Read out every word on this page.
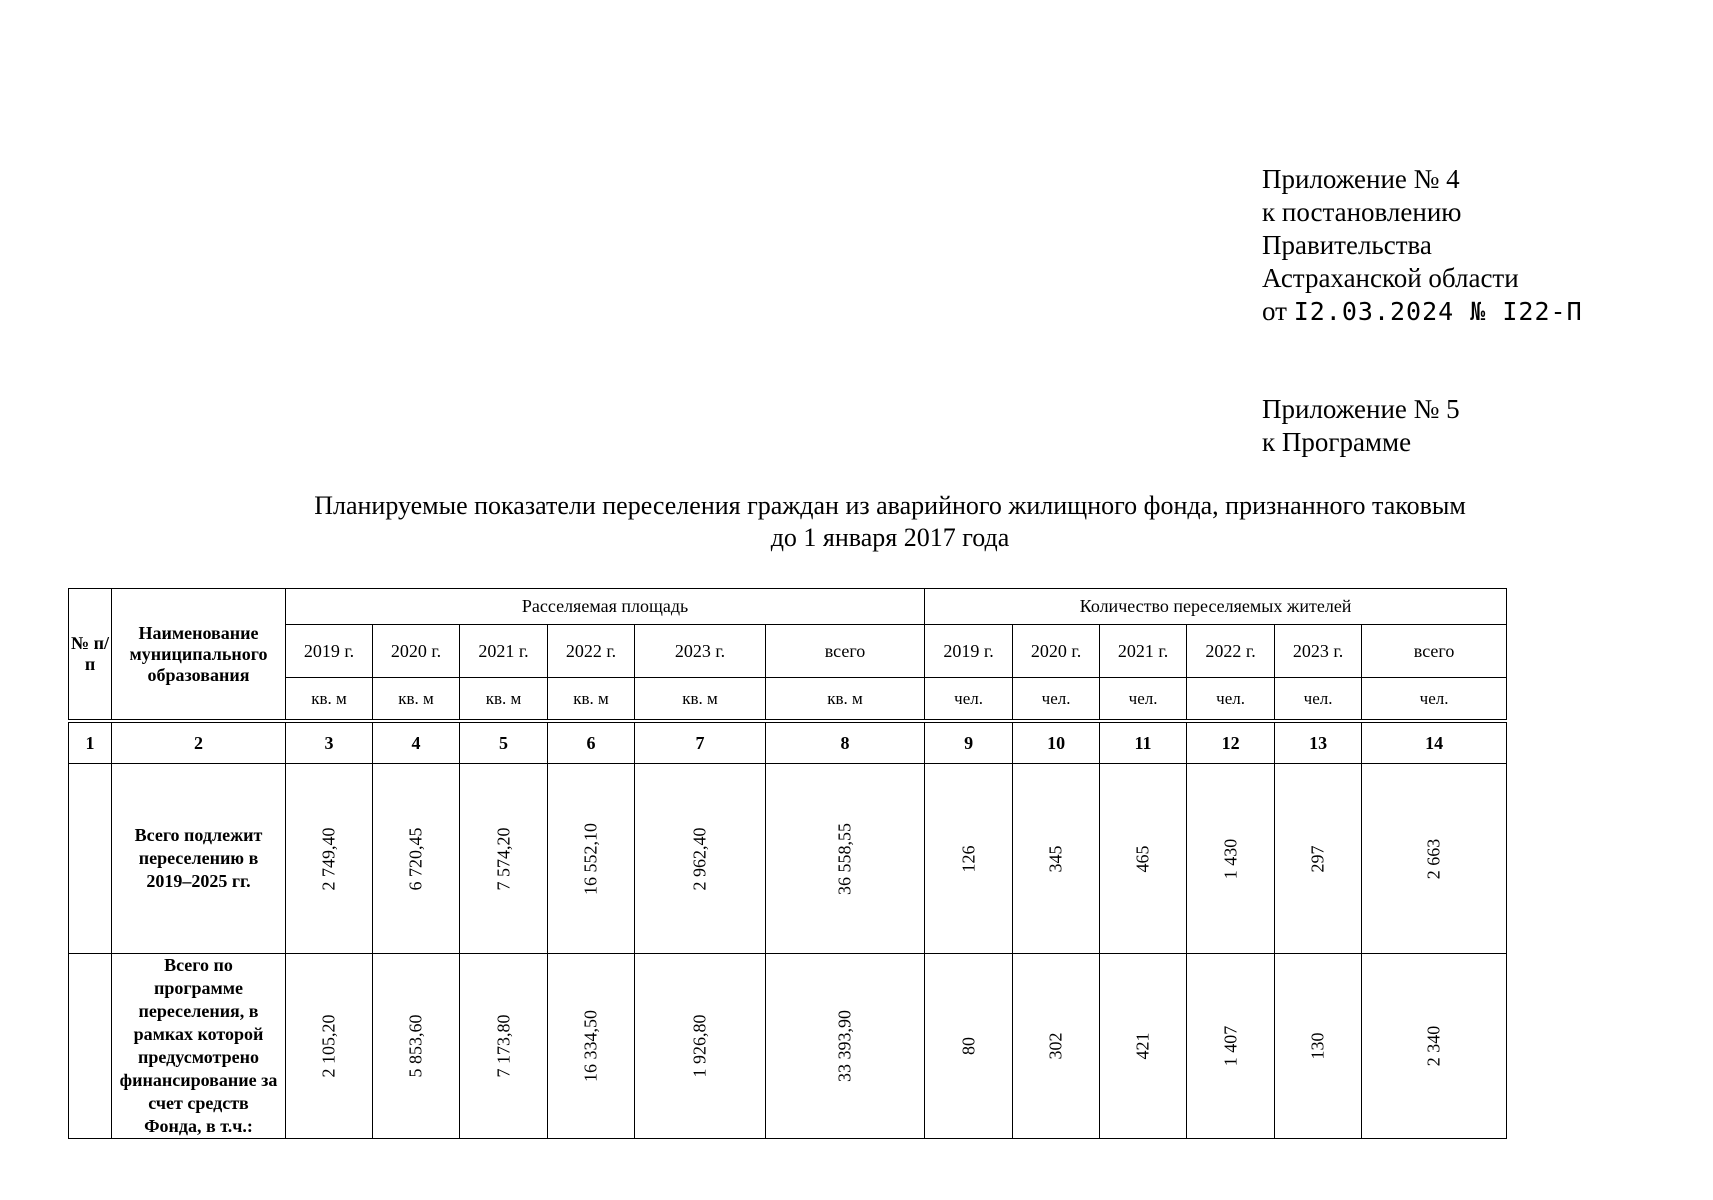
Приложение № 4
к постановлению
Правительства
Астраханской области
от I2.03.2024 № I22-П
Приложение № 5
к Программе
Планируемые показатели переселения граждан из аварийного жилищного фонда, признанного таковым
до 1 января 2017 года
№ п/п	Наименование муниципального образования	Расселяемая площадь						Количество переселяемых жителей					
		2019 г.	2020 г.	2021 г.	2022 г.	2023 г.	всего	2019 г.	2020 г.	2021 г.	2022 г.	2023 г.	всего
		кв. м	кв. м	кв. м	кв. м	кв. м	кв. м	чел.	чел.	чел.	чел.	чел.	чел.
1	2	3	4	5	6	7	8	9	10	11	12	13	14
	Всего подлежит переселению в 2019–2025 гг.	2 749,40	6 720,45	7 574,20	16 552,10	2 962,40	36 558,55	126	345	465	1 430	297	2 663

	Всего по программе переселения, в рамках которой предусмотрено финансирование за счет средств Фонда, в т.ч.:	2 105,20	5 853,60	7 173,80	16 334,50	1 926,80	33 393,90	80	302	421	1 407	130	2 340
